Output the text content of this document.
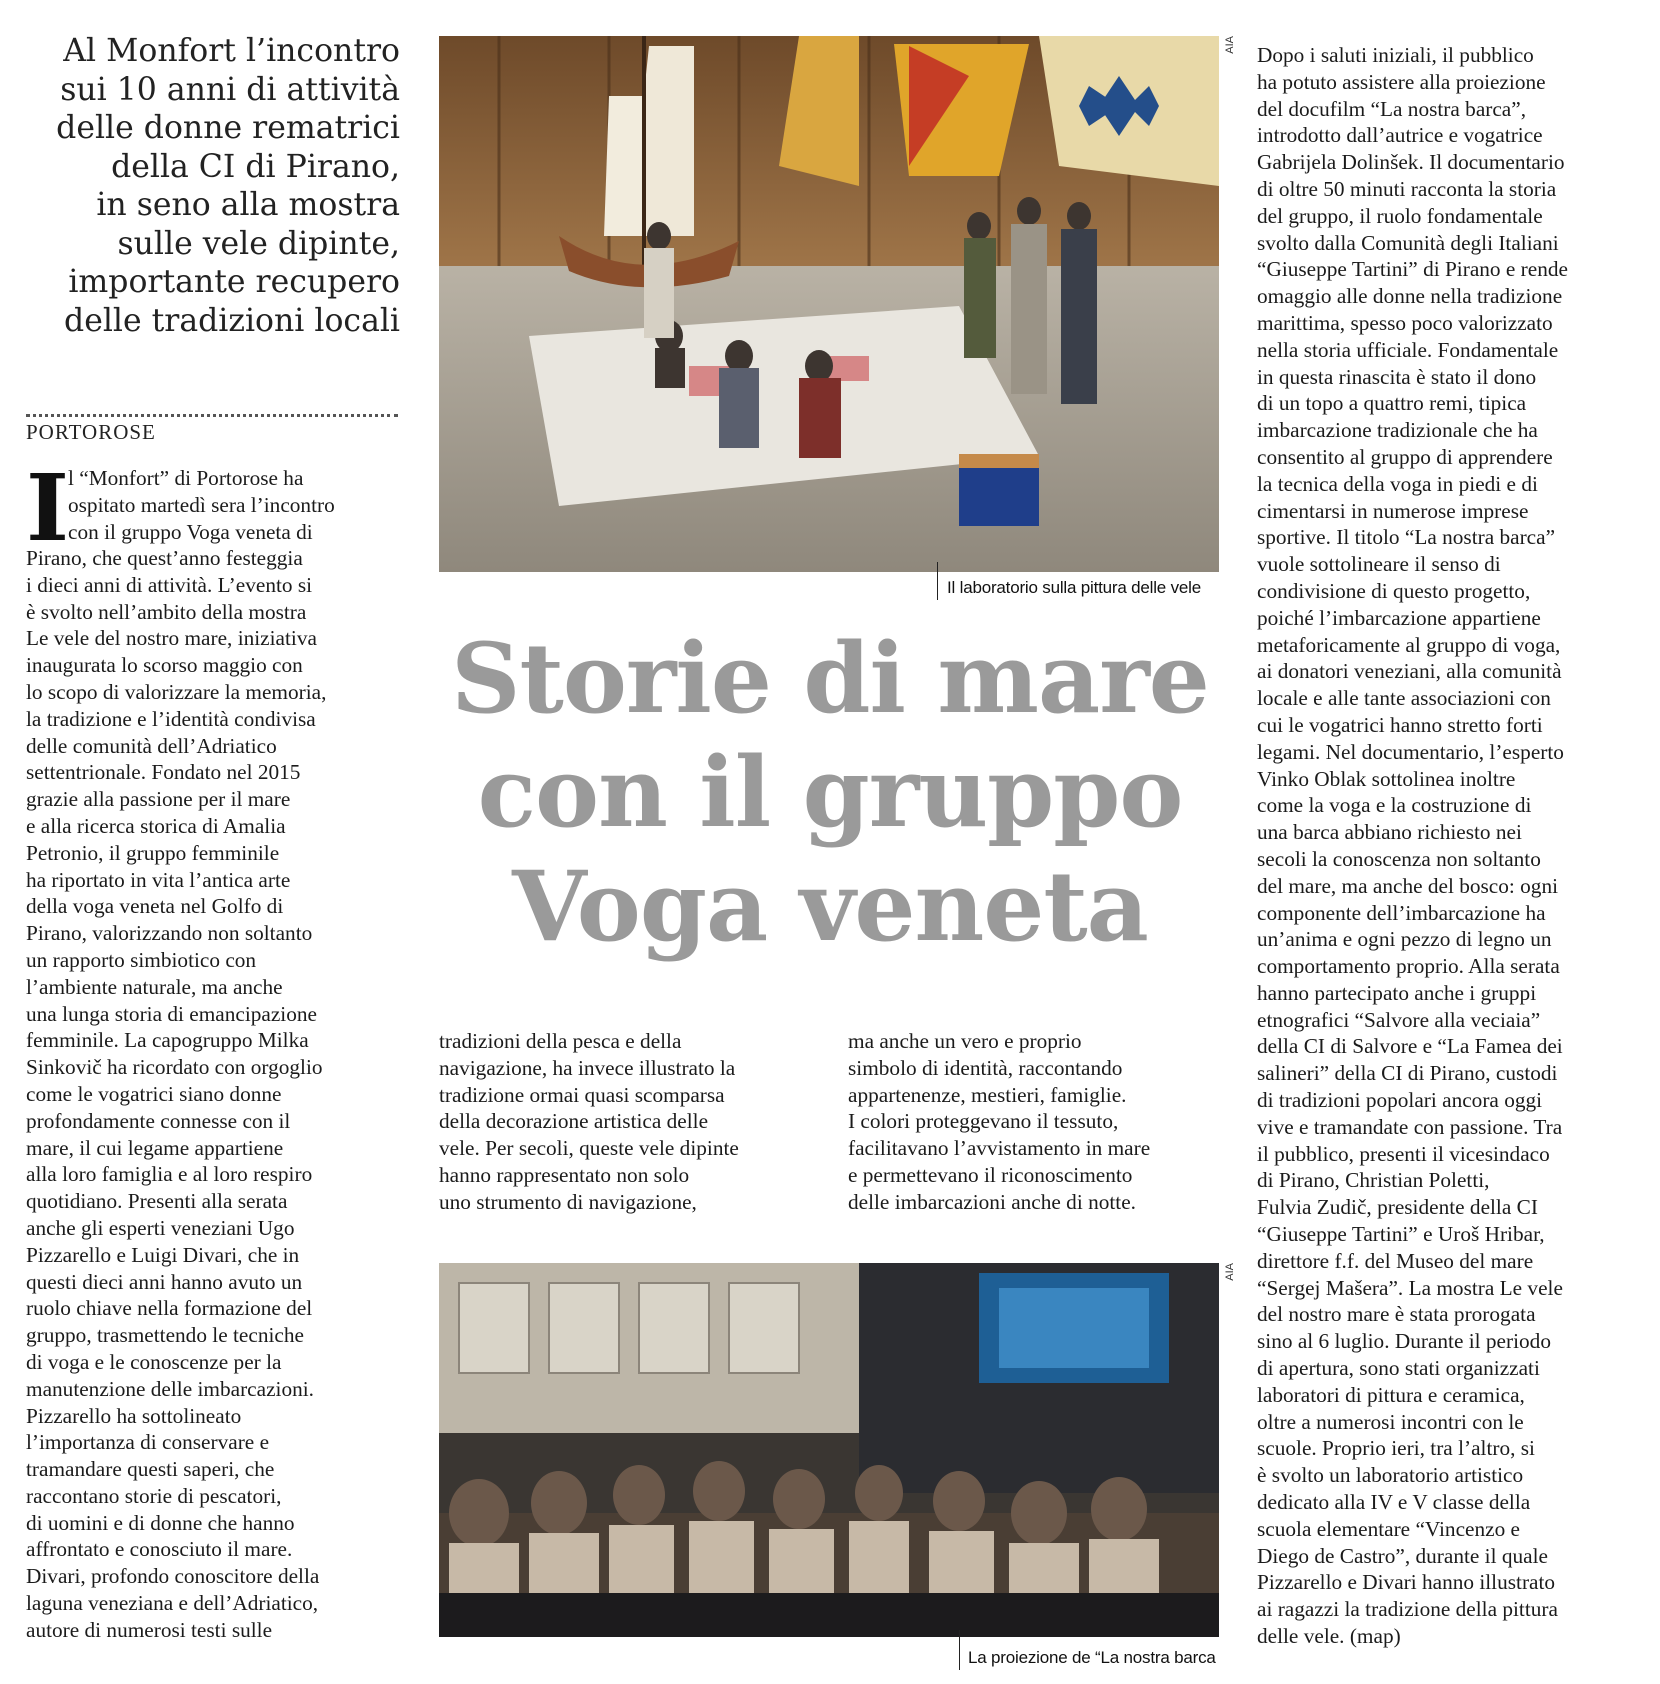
Al Monfort l’incontro
sui 10 anni di attività
delle donne rematrici
della CI di Pirano,
in seno alla mostra
sulle vele dipinte,
importante recupero
delle tradizioni locali
PORTOROSE
I
l “Monfort” di Portorose ha
ospitato martedì sera l’incontro
con il gruppo Voga veneta di
Pirano, che quest’anno festeggia
i dieci anni di attività. L’evento si
è svolto nell’ambito della mostra
Le vele del nostro mare, iniziativa
inaugurata lo scorso maggio con
lo scopo di valorizzare la memoria,
la tradizione e l’identità condivisa
delle comunità dell’Adriatico
settentrionale. Fondato nel 2015
grazie alla passione per il mare
e alla ricerca storica di Amalia
Petronio, il gruppo femminile
ha riportato in vita l’antica arte
della voga veneta nel Golfo di
Pirano, valorizzando non soltanto
un rapporto simbiotico con
l’ambiente naturale, ma anche
una lunga storia di emancipazione
femminile. La capogruppo Milka
Sinkovič ha ricordato con orgoglio
come le vogatrici siano donne
profondamente connesse con il
mare, il cui legame appartiene
alla loro famiglia e al loro respiro
quotidiano. Presenti alla serata
anche gli esperti veneziani Ugo
Pizzarello e Luigi Divari, che in
questi dieci anni hanno avuto un
ruolo chiave nella formazione del
gruppo, trasmettendo le tecniche
di voga e le conoscenze per la
manutenzione delle imbarcazioni.
Pizzarello ha sottolineato
l’importanza di conservare e
tramandare questi saperi, che
raccontano storie di pescatori,
di uomini e di donne che hanno
affrontato e conosciuto il mare.
Divari, profondo conoscitore della
laguna veneziana e dell’Adriatico,
autore di numerosi testi sulle
AIA
Il laboratorio sulla pittura delle vele
Storie di mare
con il gruppo
Voga veneta
tradizioni della pesca e della
navigazione, ha invece illustrato la
tradizione ormai quasi scomparsa
della decorazione artistica delle
vele. Per secoli, queste vele dipinte
hanno rappresentato non solo
uno strumento di navigazione,
ma anche un vero e proprio
simbolo di identità, raccontando
appartenenze, mestieri, famiglie.
I colori proteggevano il tessuto,
facilitavano l’avvistamento in mare
e permettevano il riconoscimento
delle imbarcazioni anche di notte.
AIA
La proiezione de “La nostra barca
Dopo i saluti iniziali, il pubblico
ha potuto assistere alla proiezione
del docufilm “La nostra barca”,
introdotto dall’autrice e vogatrice
Gabrijela Dolinšek. Il documentario
di oltre 50 minuti racconta la storia
del gruppo, il ruolo fondamentale
svolto dalla Comunità degli Italiani
“Giuseppe Tartini” di Pirano e rende
omaggio alle donne nella tradizione
marittima, spesso poco valorizzato
nella storia ufficiale. Fondamentale
in questa rinascita è stato il dono
di un topo a quattro remi, tipica
imbarcazione tradizionale che ha
consentito al gruppo di apprendere
la tecnica della voga in piedi e di
cimentarsi in numerose imprese
sportive. Il titolo “La nostra barca”
vuole sottolineare il senso di
condivisione di questo progetto,
poiché l’imbarcazione appartiene
metaforicamente al gruppo di voga,
ai donatori veneziani, alla comunità
locale e alle tante associazioni con
cui le vogatrici hanno stretto forti
legami. Nel documentario, l’esperto
Vinko Oblak sottolinea inoltre
come la voga e la costruzione di
una barca abbiano richiesto nei
secoli la conoscenza non soltanto
del mare, ma anche del bosco: ogni
componente dell’imbarcazione ha
un’anima e ogni pezzo di legno un
comportamento proprio. Alla serata
hanno partecipato anche i gruppi
etnografici “Salvore alla veciaia”
della CI di Salvore e “La Famea dei
salineri” della CI di Pirano, custodi
di tradizioni popolari ancora oggi
vive e tramandate con passione. Tra
il pubblico, presenti il vicesindaco
di Pirano, Christian Poletti,
Fulvia Zudič, presidente della CI
“Giuseppe Tartini” e Uroš Hribar,
direttore f.f. del Museo del mare
“Sergej Mašera”. La mostra Le vele
del nostro mare è stata prorogata
sino al 6 luglio. Durante il periodo
di apertura, sono stati organizzati
laboratori di pittura e ceramica,
oltre a numerosi incontri con le
scuole. Proprio ieri, tra l’altro, si
è svolto un laboratorio artistico
dedicato alla IV e V classe della
scuola elementare “Vincenzo e
Diego de Castro”, durante il quale
Pizzarello e Divari hanno illustrato
ai ragazzi la tradizione della pittura
delle vele. (map)
